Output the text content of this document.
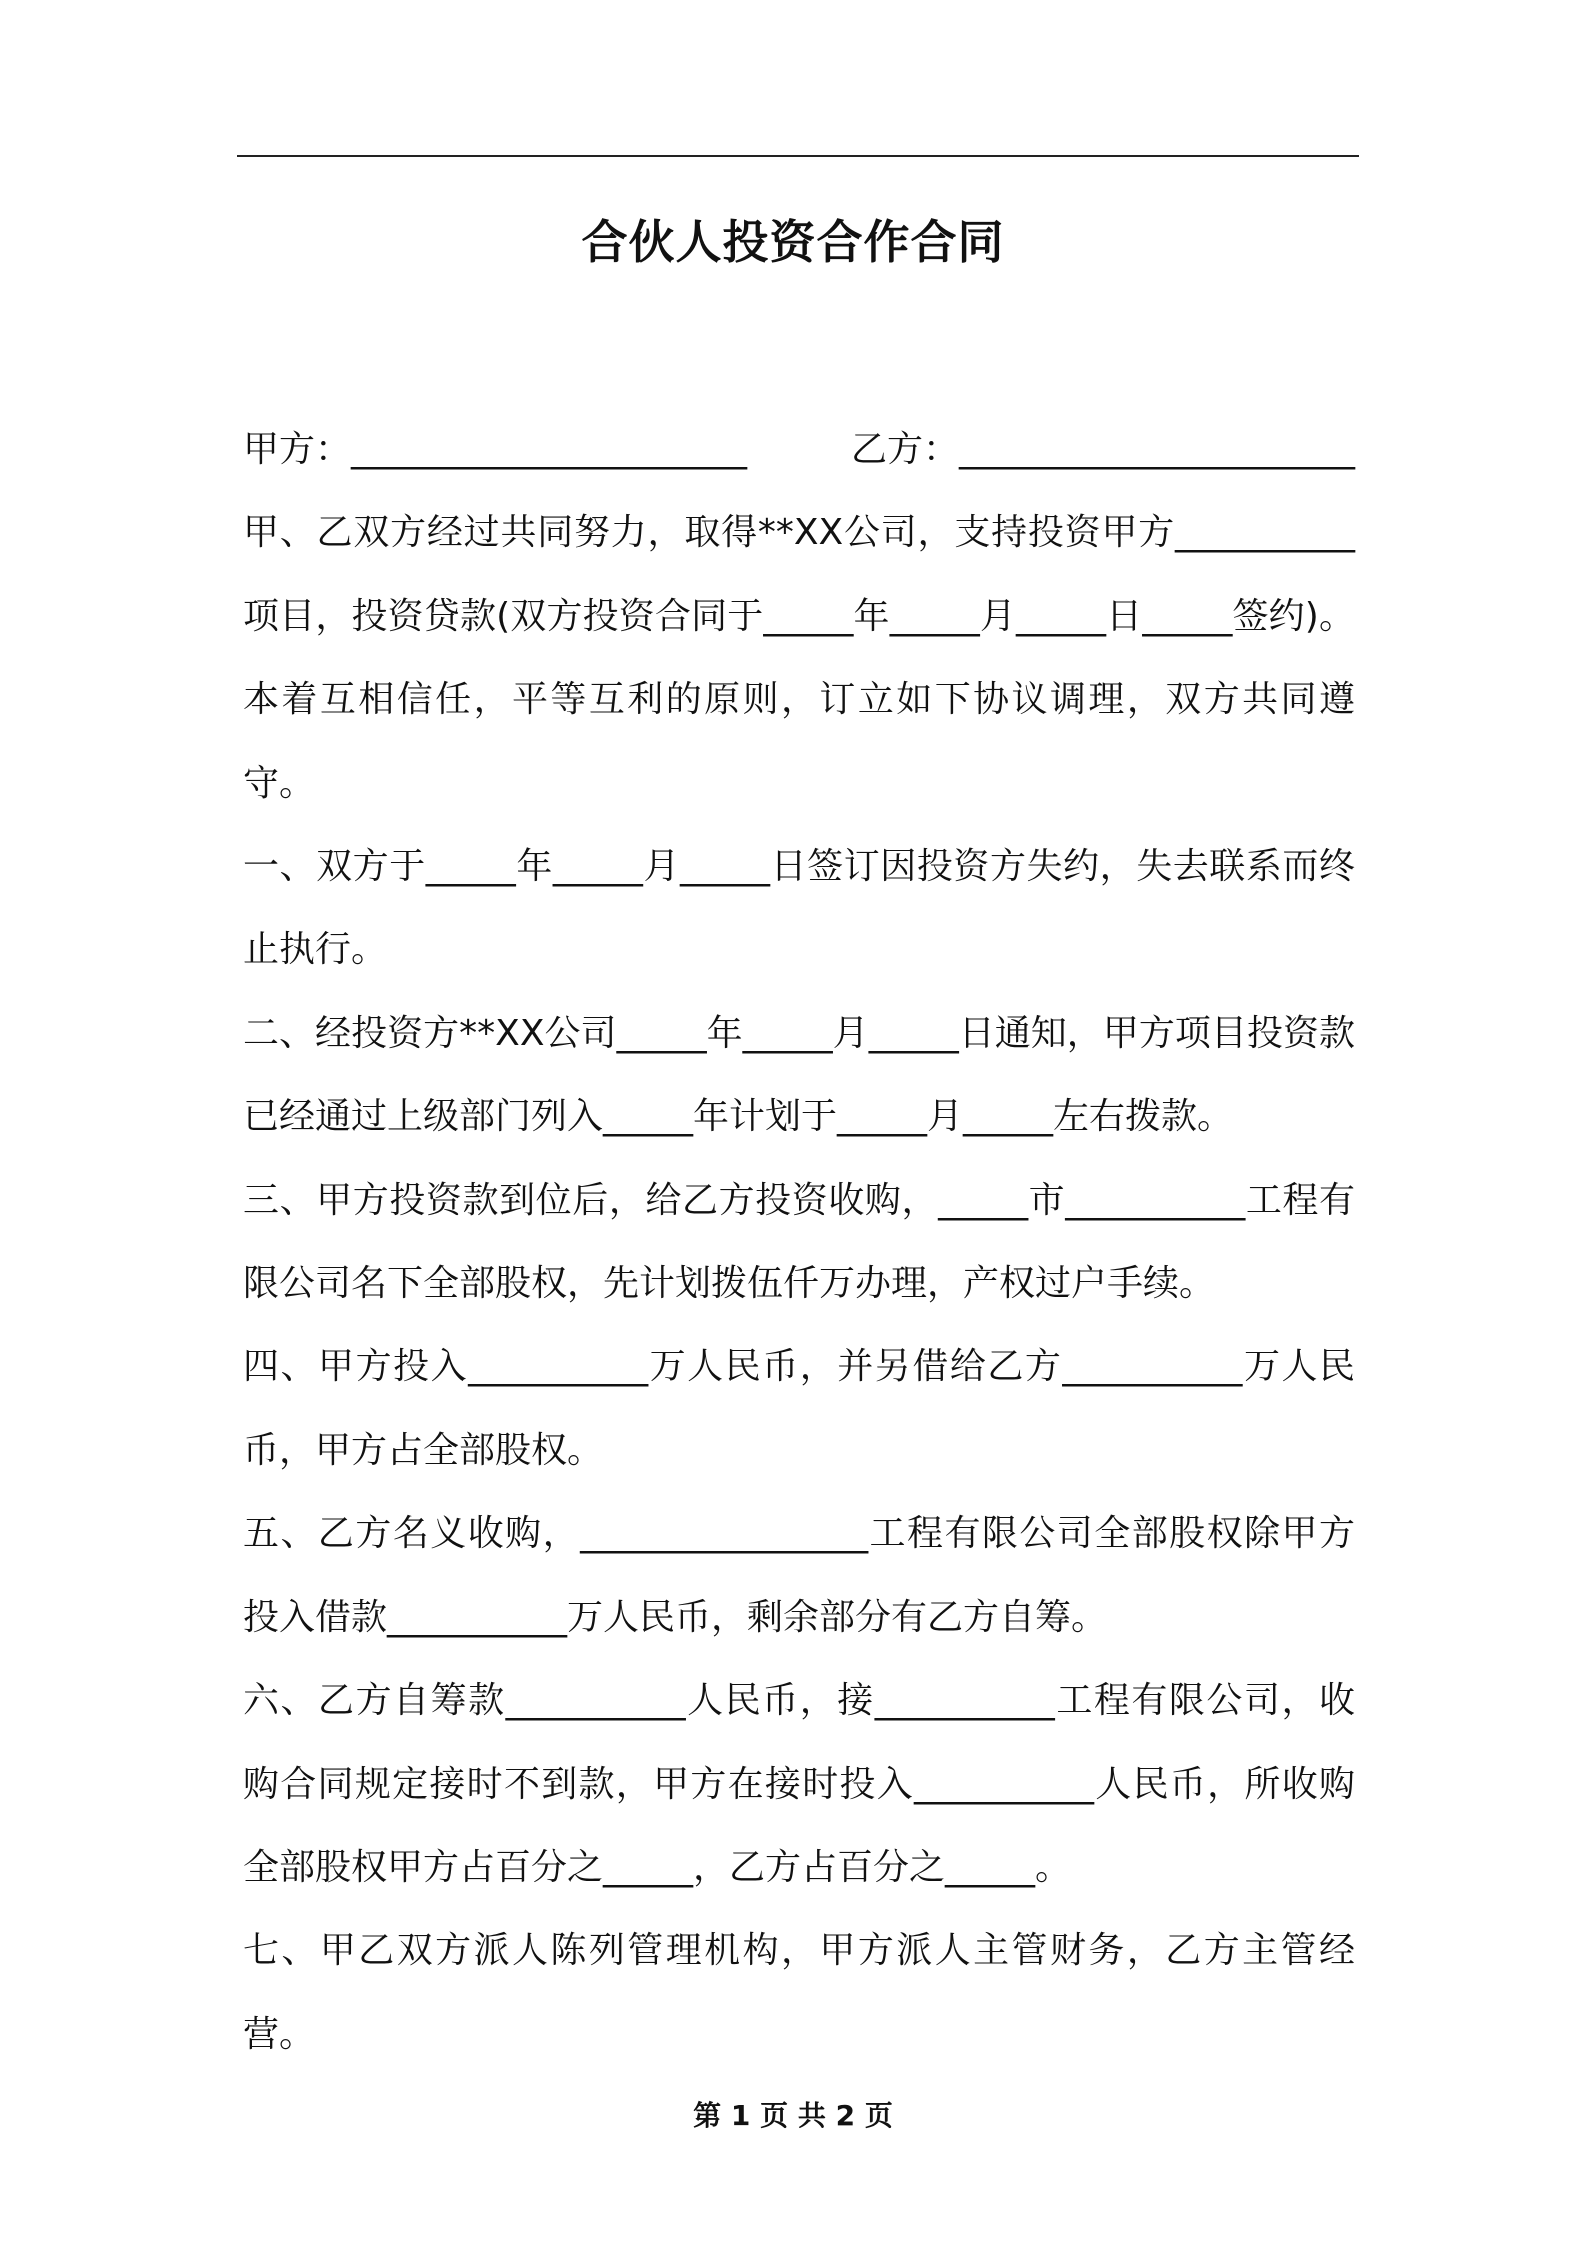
合伙人投资合作合同
甲方：______________________	乙方：______________________

甲、乙双方经过共同努力，取得**XX公司，支持投资甲方__________项目，投资贷款(双方投资合同于_____年_____月_____日_____签约)。本着互相信任，平等互利的原则，订立如下协议调理，双方共同遵守。

一、双方于_____年_____月_____日签订因投资方失约，失去联系而终止执行。

二、经投资方**XX公司_____年_____月_____日通知，甲方项目投资款已经通过上级部门列入_____年计划于_____月_____左右拨款。

三、甲方投资款到位后，给乙方投资收购，_____市__________工程有限公司名下全部股权，先计划拨伍仟万办理，产权过户手续。

四、甲方投入__________万人民币，并另借给乙方__________万人民币，甲方占全部股权。

五、乙方名义收购，________________工程有限公司全部股权除甲方投入借款__________万人民币，剩余部分有乙方自筹。

六、乙方自筹款__________人民币，接__________工程有限公司，收购合同规定接时不到款，甲方在接时投入__________人民币，所收购全部股权甲方占百分之_____，乙方占百分之_____。

七、甲乙双方派人陈列管理机构，甲方派人主管财务，乙方主管经营。

第 1 页 共 2 页
